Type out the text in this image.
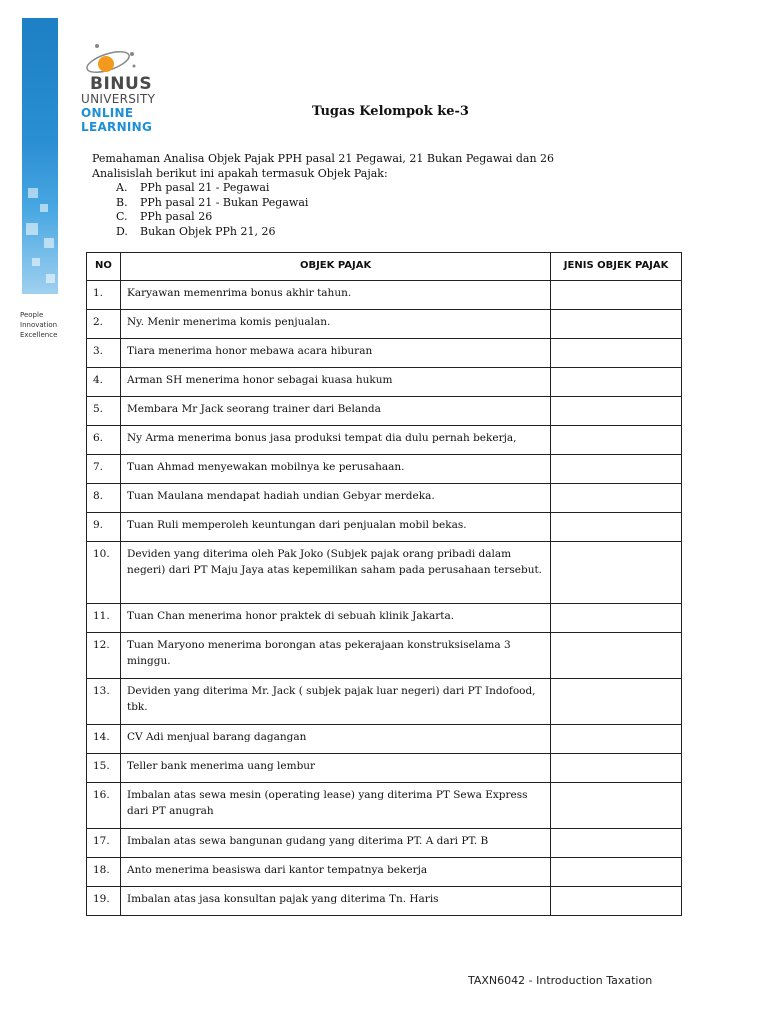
BINUS
UNIVERSITY
ONLINE
LEARNING
People
Innovation
Excellence
Tugas Kelompok ke-3
Pemahaman Analisa Objek Pajak PPH pasal 21 Pegawai, 21 Bukan Pegawai dan 26
Analisislah berikut ini apakah termasuk Objek Pajak:
A. PPh pasal 21 - Pegawai
B. PPh pasal 21 - Bukan Pegawai
C. PPh pasal 26
D. Bukan Objek PPh 21, 26
NO	OBJEK PAJAK	JENIS OBJEK PAJAK
1.	Karyawan memenrima bonus akhir tahun.	
2.	Ny. Menir menerima komis penjualan.	
3.	Tiara menerima honor mebawa acara hiburan	
4.	Arman SH menerima honor sebagai kuasa hukum	
5.	Membara Mr Jack seorang trainer dari Belanda	
6.	Ny Arma menerima bonus jasa produksi tempat dia dulu pernah bekerja,	
7.	Tuan Ahmad menyewakan mobilnya ke perusahaan.	
8.	Tuan Maulana mendapat hadiah undian Gebyar merdeka.	
9.	Tuan Ruli memperoleh keuntungan dari penjualan mobil bekas.	
10.	Deviden yang diterima oleh Pak Joko (Subjek pajak orang pribadi dalam negeri) dari PT Maju Jaya atas kepemilikan saham pada perusahaan tersebut.	
11.	Tuan Chan menerima honor praktek di sebuah klinik Jakarta.	
12.	Tuan Maryono menerima borongan atas pekerajaan konstruksiselama 3 minggu.	
13.	Deviden yang diterima Mr. Jack ( subjek pajak luar negeri) dari PT Indofood, tbk.	
14.	CV Adi menjual barang dagangan	
15.	Teller bank menerima uang lembur	
16.	Imbalan atas sewa mesin (operating lease) yang diterima PT Sewa Express dari PT anugrah	
17.	Imbalan atas sewa bangunan gudang yang diterima PT. A dari PT. B	
18.	Anto menerima beasiswa dari kantor tempatnya bekerja	
19.	Imbalan atas jasa konsultan pajak yang diterima Tn. Haris	
TAXN6042 - Introduction Taxation
